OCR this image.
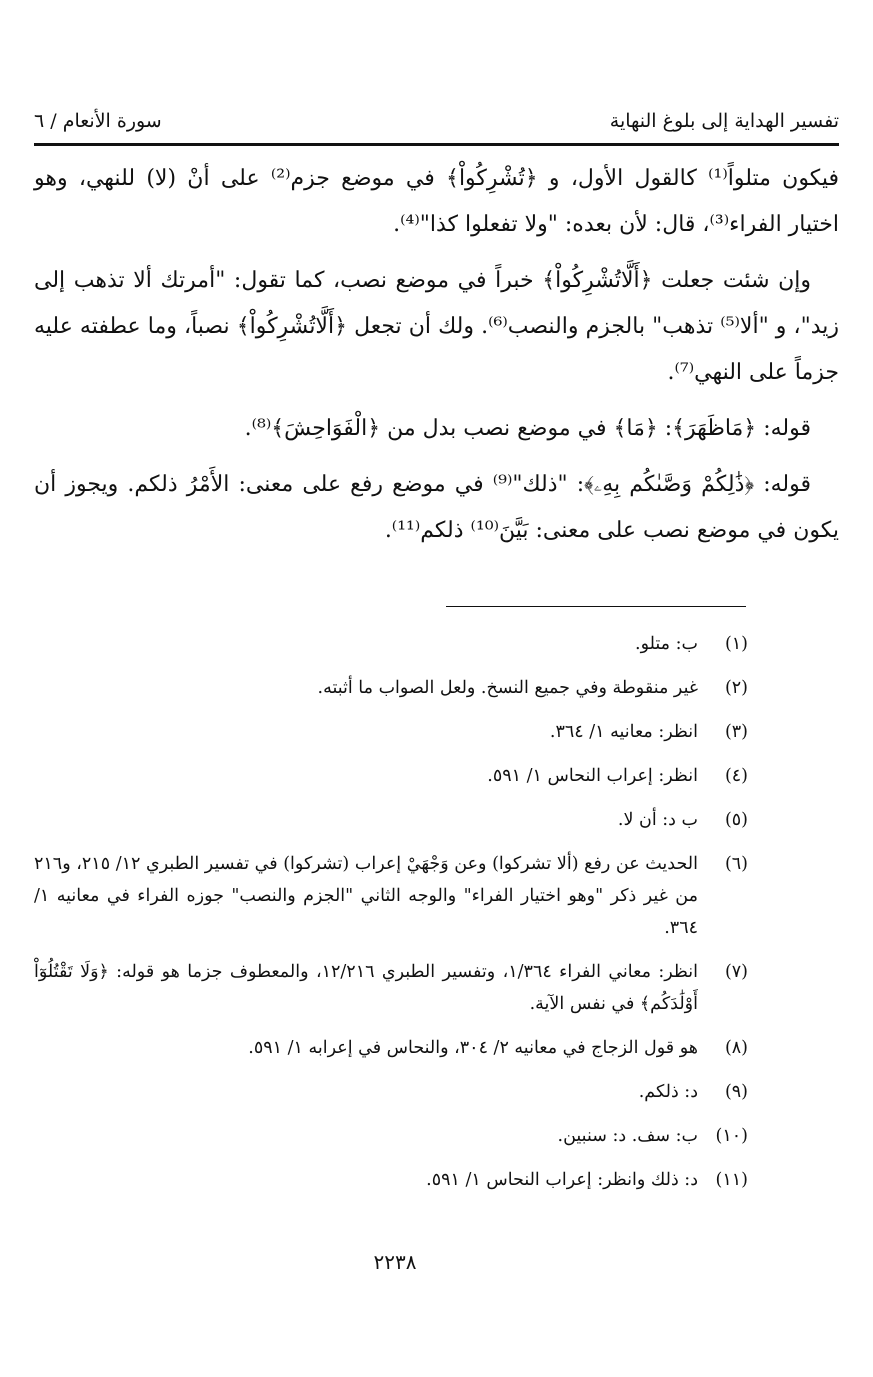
تفسير الهداية إلى بلوغ النهاية
سورة الأنعام / ٦

فيكون متلواً⁽¹⁾ كالقول الأول، و ﴿تُشْرِكُواْ﴾ في موضع جزم⁽²⁾ على أنْ (لا) للنهي، وهو اختيار الفراء⁽³⁾، قال: لأن بعده: "ولا تفعلوا كذا"⁽⁴⁾.

وإن شئت جعلت ﴿أَلَّاتُشْرِكُواْ﴾ خبراً في موضع نصب، كما تقول: "أمرتك ألا تذهب إلى زيد"، و "ألا⁽⁵⁾ تذهب" بالجزم والنصب⁽⁶⁾. ولك أن تجعل ﴿أَلَّاتُشْرِكُواْ﴾ نصباً، وما عطفته عليه جزماً على النهي⁽⁷⁾.

قوله: ﴿مَاظَهَرَ﴾: ﴿مَا﴾ في موضع نصب بدل من ﴿الْفَوَاحِشَ﴾⁽⁸⁾.

قوله: ﴿ذَٰلِكُمْ وَصَّىٰكُم بِهِۦ﴾: "ذلك"⁽⁹⁾ في موضع رفع على معنى: الأَمْرُ ذلكم. ويجوز أن يكون في موضع نصب على معنى: بَيَّنَ⁽¹⁰⁾ ذلكم⁽¹¹⁾.

(١)
ب: متلو.
(٢)
غير منقوطة وفي جميع النسخ. ولعل الصواب ما أثبته.
(٣)
انظر: معانيه ١/ ٣٦٤.
(٤)
انظر: إعراب النحاس ١/ ٥٩١.
(٥)
ب د: أن لا.
(٦)
الحديث عن رفع (ألا تشركوا) وعن وَجْهَيْ إعراب (تشركوا) في تفسير الطبري ١٢/ ٢١٥، و٢١٦ من غير ذكر "وهو اختيار الفراء" والوجه الثاني "الجزم والنصب" جوزه الفراء في معانيه ١/ ٣٦٤.
(٧)
انظر: معاني الفراء ١/٣٦٤، وتفسير الطبري ١٢/٢١٦، والمعطوف جزما هو قوله: ﴿وَلَا تَقْتُلُوٓاْ أَوْلَٰدَكُم﴾ في نفس الآية.
(٨)
هو قول الزجاج في معانيه ٢/ ٣٠٤، والنحاس في إعرابه ١/ ٥٩١.
(٩)
د: ذلكم.
(١٠)
ب: سف. د: سنبين.
(١١)
د: ذلك وانظر: إعراب النحاس ١/ ٥٩١.
٢٢٣٨
